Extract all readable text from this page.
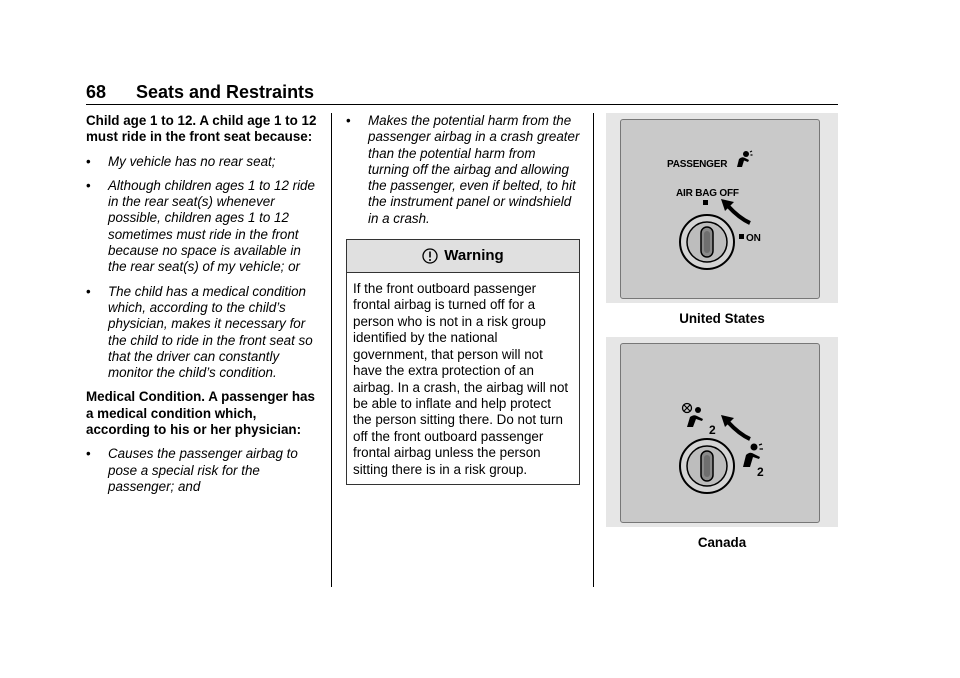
68 Seats and Restraints

Child age 1 to 12. A child age 1 to 12 must ride in the front seat because:

• My vehicle has no rear seat;
• Although children ages 1 to 12 ride in the rear seat(s) whenever possible, children ages 1 to 12 sometimes must ride in the front because no space is available in the rear seat(s) of my vehicle; or
• The child has a medical condition which, according to the child’s physician, makes it necessary for the child to ride in the front seat so that the driver can constantly monitor the child’s condition.

Medical Condition. A passenger has a medical condition which, according to his or her physician:

• Causes the passenger airbag to pose a special risk for the passenger; and
• Makes the potential harm from the passenger airbag in a crash greater than the potential harm from turning off the airbag and allowing the passenger, even if belted, to hit the instrument panel or windshield in a crash.
Warning
If the front outboard passenger frontal airbag is turned off for a person who is not in a risk group identified by the national government, that person will not have the extra protection of an airbag. In a crash, the airbag will not be able to inflate and help protect the person sitting there. Do not turn off the front outboard passenger frontal airbag unless the person sitting there is in a risk group.
PASSENGER
AIR BAG OFF
ON
United States
2
2
Canada
